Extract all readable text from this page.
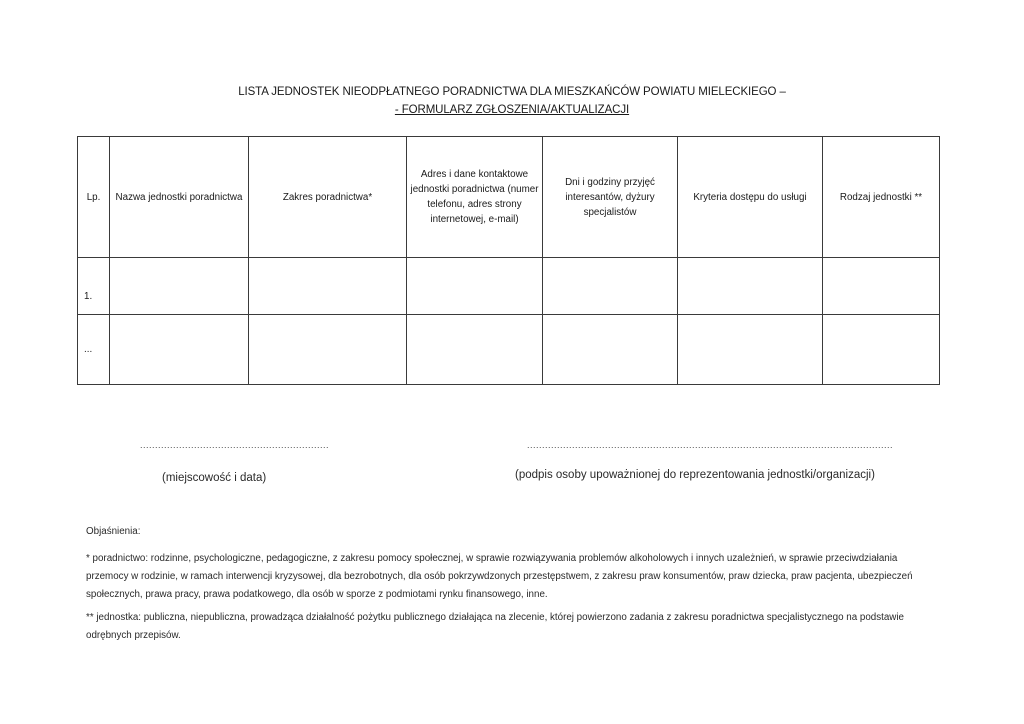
LISTA JEDNOSTEK NIEODPŁATNEGO PORADNICTWA DLA MIESZKAŃCÓW POWIATU MIELECKIEGO –
- FORMULARZ ZGŁOSZENIA/AKTUALIZACJI
Lp.	Nazwa jednostki poradnictwa	Zakres poradnictwa*	Adres i dane kontaktowe jednostki poradnictwa (numer telefonu, adres strony internetowej, e-mail)	Dni i godziny przyjęć interesantów, dyżury specjalistów	Kryteria dostępu do usługi	Rodzaj jednostki **
1.						
...						
...............................................................	..........................................................................................................................
(miejscowość i data)	(podpis osoby upoważnionej do reprezentowania jednostki/organizacji)
Objaśnienia:
* poradnictwo: rodzinne, psychologiczne, pedagogiczne, z zakresu pomocy społecznej, w sprawie rozwiązywania problemów alkoholowych i innych uzależnień, w sprawie przeciwdziałania przemocy w rodzinie, w ramach interwencji kryzysowej, dla bezrobotnych, dla osób pokrzywdzonych przestępstwem, z zakresu praw konsumentów, praw dziecka, praw pacjenta, ubezpieczeń społecznych, prawa pracy, prawa podatkowego, dla osób w sporze z podmiotami rynku finansowego, inne.
** jednostka: publiczna, niepubliczna, prowadząca działalność pożytku publicznego działająca na zlecenie, której powierzono zadania z zakresu poradnictwa specjalistycznego na podstawie odrębnych przepisów.
